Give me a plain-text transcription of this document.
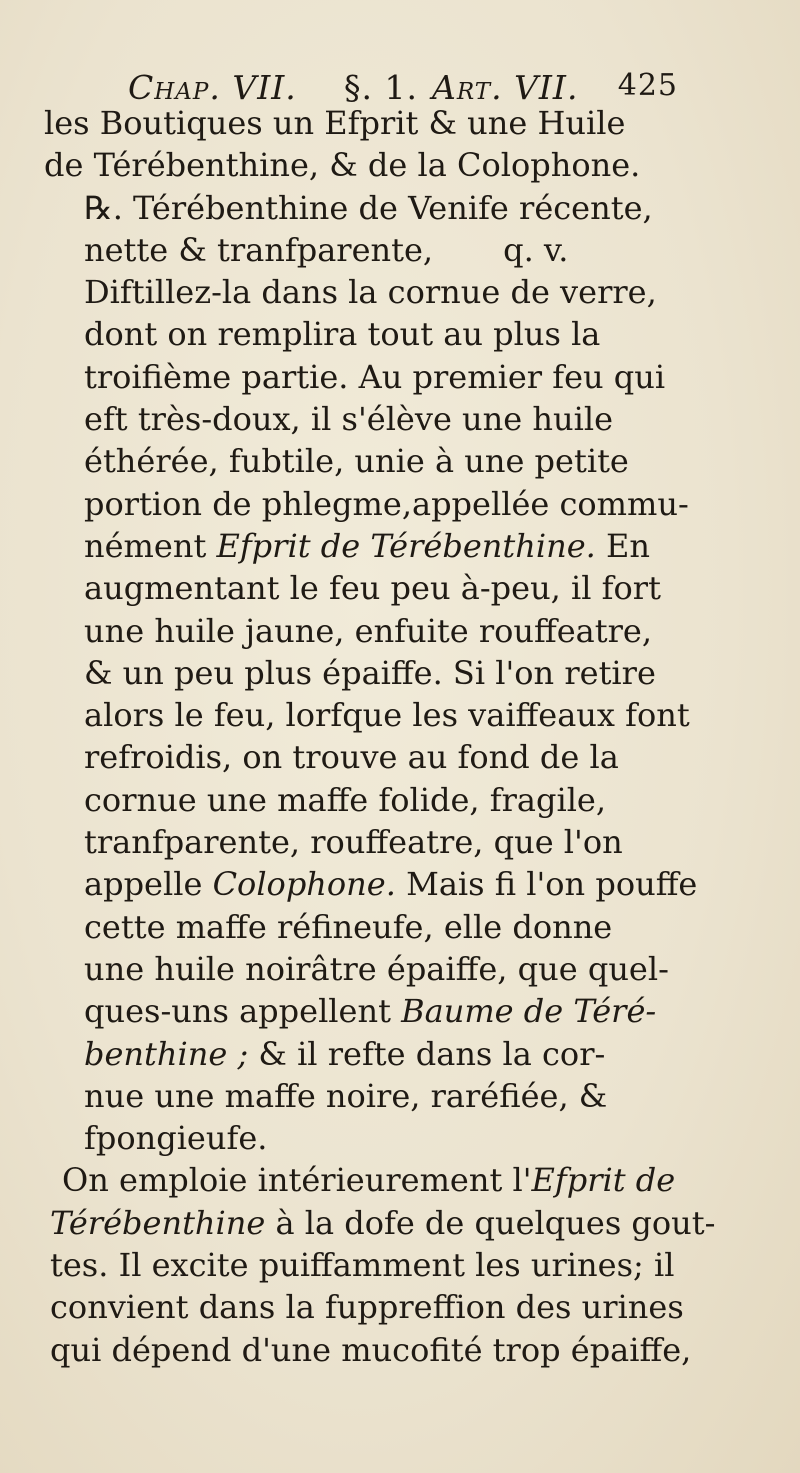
Chap. VII. §. 1. Art. VII. 425
les Boutiques un Efprit & une Huile
de Térébenthine, & de la Colophone.
℞. Térébenthine de Venife récente,
nette & tranfparente, q. v.
Diftillez-la dans la cornue de verre,
dont on remplira tout au plus la
troifième partie. Au premier feu qui
eft très-doux, il s'élève une huile
éthérée, fubtile, unie à une petite
portion de phlegme,appellée commu-
nément Efprit de Térébenthine. En
augmentant le feu peu à-peu, il fort
une huile jaune, enfuite rouffeatre,
& un peu plus épaiffe. Si l'on retire
alors le feu, lorfque les vaiffeaux font
refroidis, on trouve au fond de la
cornue une maffe folide, fragile,
tranfparente, rouffeatre, que l'on
appelle Colophone. Mais fi l'on pouffe
cette maffe réfineufe, elle donne
une huile noirâtre épaiffe, que quel-
ques-uns appellent Baume de Téré-
benthine ; & il refte dans la cor-
nue une maffe noire, raréfiée, &
fpongieufe.
On emploie intérieurement l'Efprit de
Térébenthine à la dofe de quelques gout-
tes. Il excite puiffamment les urines; il
convient dans la fuppreffion des urines
qui dépend d'une mucofité trop épaiffe,
